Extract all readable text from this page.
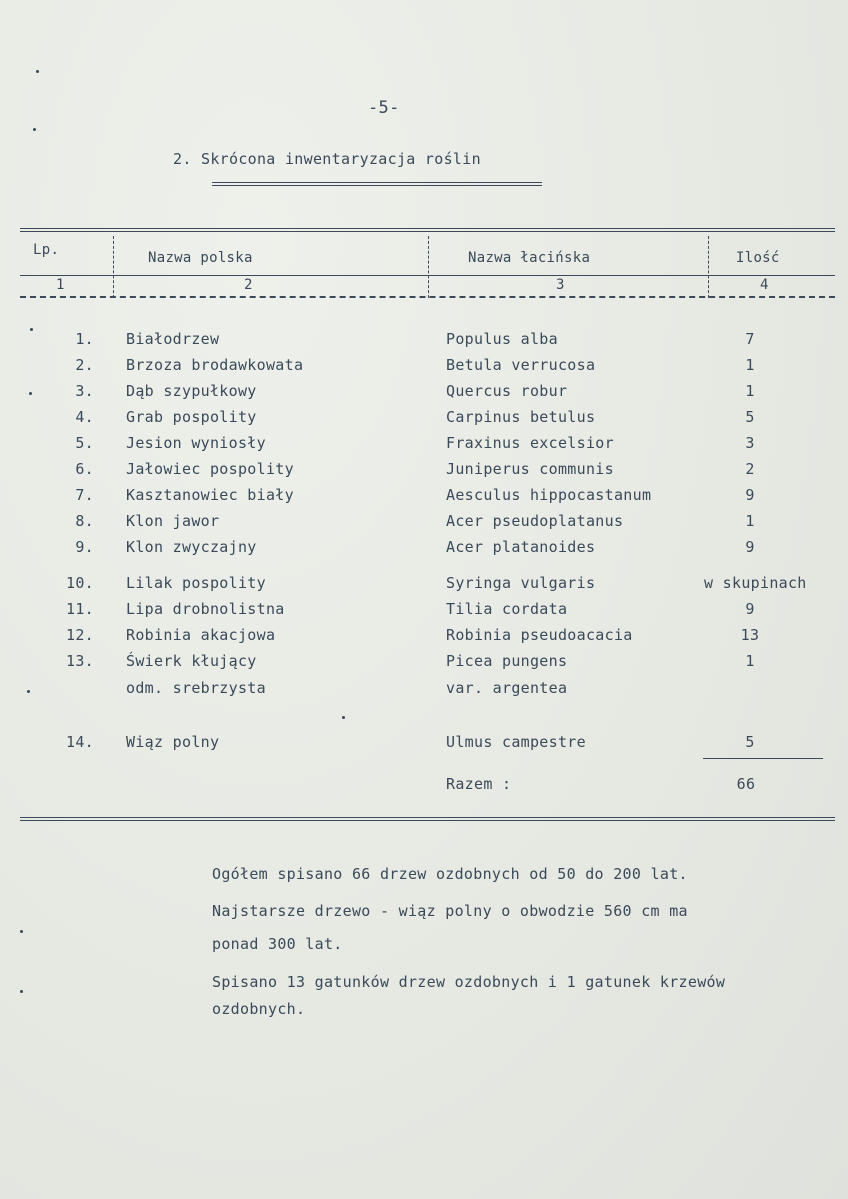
-5-
2. Skrócona inwentaryzacja roślin
Lp.	Nazwa polska	Nazwa łacińska	Ilość
1	2	3	4
1. Białodrzew	Populus alba	7
2. Brzoza brodawkowata	Betula verrucosa	1
3. Dąb szypułkowy	Quercus robur	1
4. Grab pospolity	Carpinus betulus	5
5. Jesion wyniosły	Fraxinus excelsior	3
6. Jałowiec pospolity	Juniperus communis	2
7. Kasztanowiec biały	Aesculus hippocastanum	9
8. Klon jawor	Acer pseudoplatanus	1
9. Klon zwyczajny	Acer platanoides	9
10. Lilak pospolity	Syringa vulgaris	w skupinach
11. Lipa drobnolistna	Tilia cordata	9
12. Robinia akacjowa	Robinia pseudoacacia	13
13. Świerk kłujący	Picea pungens	1
odm. srebrzysta	var. argentea
14. Wiąz polny	Ulmus campestre	5
Razem :	66
Ogółem spisano 66 drzew ozdobnych od 50 do 200 lat.
Najstarsze drzewo - wiąz polny o obwodzie 560 cm ma
ponad 300 lat.
Spisano 13 gatunków drzew ozdobnych i 1 gatunek krzewów
ozdobnych.
